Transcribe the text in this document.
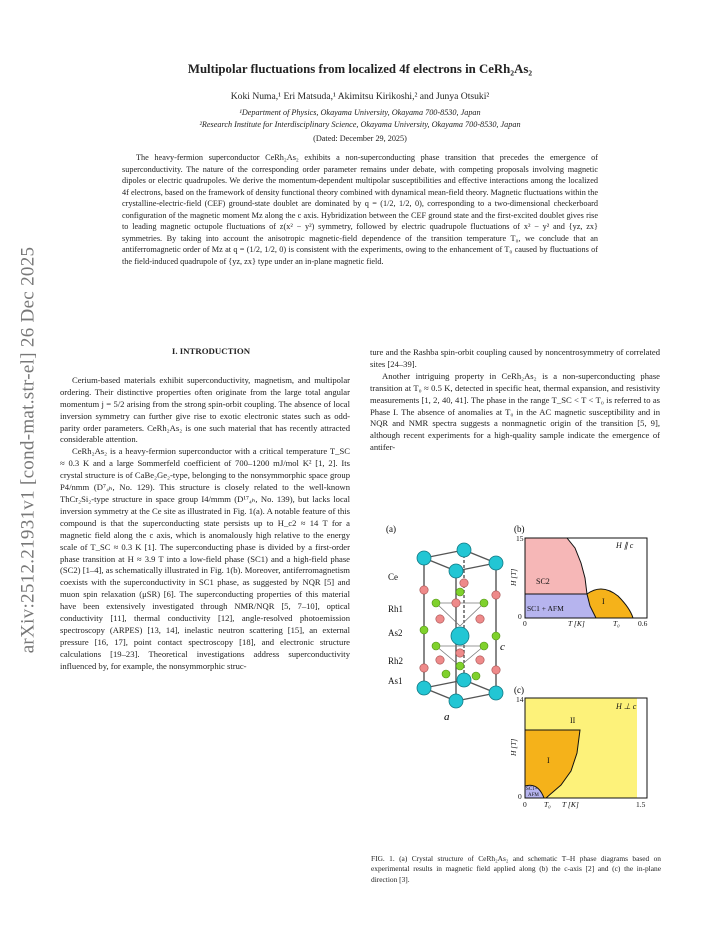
arXiv:2512.21931v1 [cond-mat.str-el] 26 Dec 2025
Multipolar fluctuations from localized 4f electrons in CeRh₂As₂
Koki Numa,¹ Eri Matsuda,¹ Akimitsu Kirikoshi,² and Junya Otsuki²
¹Department of Physics, Okayama University, Okayama 700-8530, Japan
²Research Institute for Interdisciplinary Science, Okayama University, Okayama 700-8530, Japan
(Dated: December 29, 2025)
The heavy-fermion superconductor CeRh₂As₂ exhibits a non-superconducting phase transition that precedes the emergence of superconductivity. The nature of the corresponding order parameter remains under debate, with competing proposals involving magnetic dipoles or electric quadrupoles. We derive the momentum-dependent multipolar susceptibilities and effective interactions among the localized 4f electrons, based on the framework of density functional theory combined with dynamical mean-field theory. Magnetic fluctuations within the crystalline-electric-field (CEF) ground-state doublet are dominated by q = (1/2, 1/2, 0), corresponding to a two-dimensional checkerboard configuration of the magnetic moment Mz along the c axis. Hybridization between the CEF ground state and the first-excited doublet gives rise to leading magnetic octupole fluctuations of z(x² − y²) symmetry, followed by electric quadrupole fluctuations of x² − y² and {yz, zx} symmetries. By taking into account the anisotropic magnetic-field dependence of the transition temperature T₀, we conclude that an antiferromagnetic order of Mz at q = (1/2, 1/2, 0) is consistent with the experiments, owing to the enhancement of T₀ caused by fluctuations of the field-induced quadrupole of {yz, zx} type under an in-plane magnetic field.

I. INTRODUCTION

Cerium-based materials exhibit superconductivity, magnetism, and multipolar ordering. Their distinctive properties often originate from the large total angular momentum j = 5/2 arising from the strong spin-orbit coupling. The absence of local inversion symmetry can further give rise to exotic electronic states such as odd-parity order parameters. CeRh₂As₂ is one such material that has recently attracted considerable attention.

CeRh₂As₂ is a heavy-fermion superconductor with a critical temperature T_SC ≈ 0.3 K and a large Sommerfeld coefficient of 700–1200 mJ/mol K² [1, 2]. Its crystal structure is of CaBe₂Ge₂-type, belonging to the nonsymmorphic space group P4/nmm (D⁷₄ₕ, No. 129). This structure is closely related to the well-known ThCr₂Si₂-type structure in space group I4/mmm (D¹⁷₄ₕ, No. 139), but lacks local inversion symmetry at the Ce site as illustrated in Fig. 1(a). A notable feature of this compound is that the superconducting state persists up to H_c2 ≈ 14 T for a magnetic field along the c axis, which is anomalously high relative to the energy scale of T_SC ≈ 0.3 K [1]. The superconducting phase is divided by a first-order phase transition at H ≈ 3.9 T into a low-field phase (SC1) and a high-field phase (SC2) [1–4], as schematically illustrated in Fig. 1(b). Moreover, antiferromagnetism coexists with the superconductivity in SC1 phase, as suggested by NQR [5] and muon spin relaxation (μSR) [6]. The superconducting properties of this material have been extensively investigated through NMR/NQR [5, 7–10], optical conductivity [11], thermal conductivity [12], angle-resolved photoemission spectroscopy (ARPES) [13, 14], inelastic neutron scattering [15], an external pressure [16, 17], point contact spectroscopy [18], and electronic structure calculations [19–23]. Theoretical investigations address superconductivity influenced by, for example, the nonsymmorphic struc-

ture and the Rashba spin-orbit coupling caused by noncentrosymmetry of correlated sites [24–39].

Another intriguing property in CeRh₂As₂ is a non-superconducting phase transition at T₀ ≈ 0.5 K, detected in specific heat, thermal expansion, and resistivity measurements [1, 2, 40, 41]. The phase in the range T_SC < T < T₀ is referred to as Phase I. The absence of anomalies at T₀ in the AC magnetic susceptibility and in NQR and NMR spectra suggests a nonmagnetic origin of the transition [5, 9], although recent experiments for a high-quality sample indicate the emergence of antifer-

(a)	(b)
(c)
Ce
Rh1
As2
Rh2
As1
c
a
H ∥ c
SC2
SC1 + AFM
I
15
0
0	T₀ 0.6
T [K]
H [T]
H ⊥ c
II
I
SC1+
AFM
14
0
0 T₀	1.5
T [K]
H [T]
FIG. 1. (a) Crystal structure of CeRh₂As₂ and schematic T–H phase diagrams based on experimental results in magnetic field applied along (b) the c-axis [2] and (c) the in-plane direction [3].
